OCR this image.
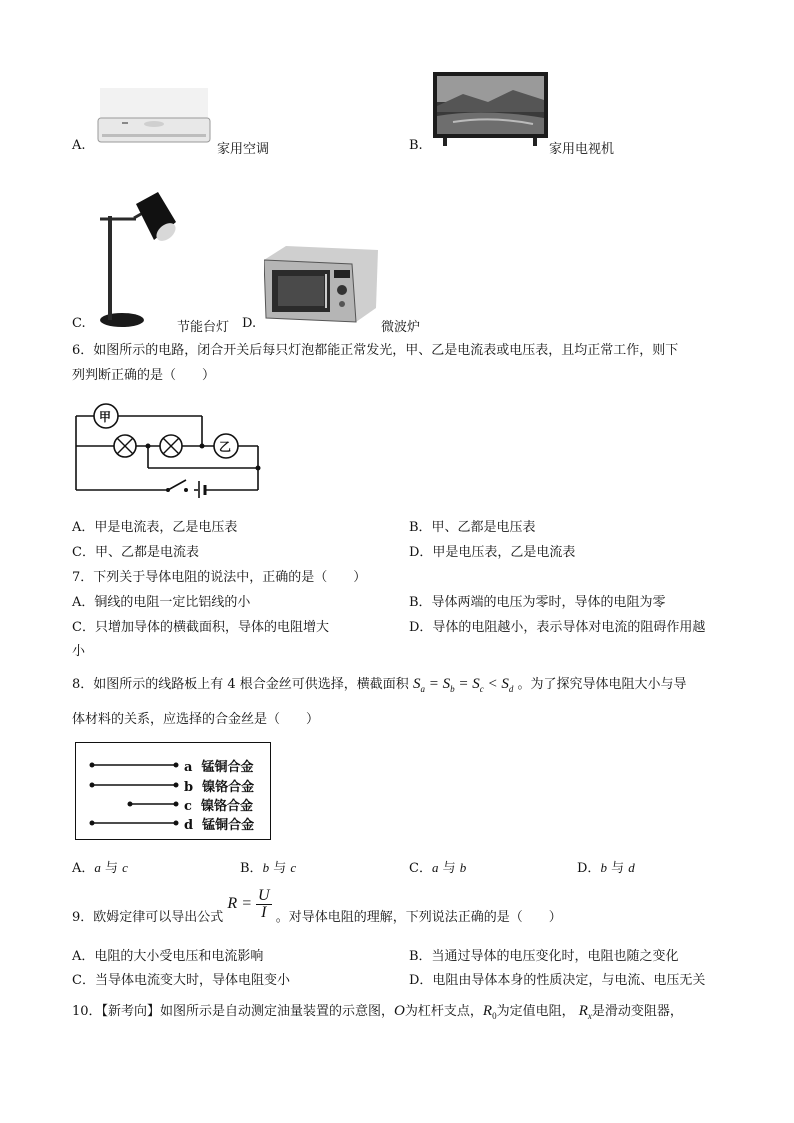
A.	家用空调	B.	家用电视机
C.	节能台灯 D.	微波炉
6．如图所示的电路，闭合开关后每只灯泡都能正常发光，甲、乙是电流表或电压表，且均正常工作，则下
列判断正确的是（　　）
甲
乙
A．甲是电流表，乙是电压表	B．甲、乙都是电压表
C．甲、乙都是电流表	D．甲是电压表，乙是电流表
7．下列关于导体电阻的说法中，正确的是（　　）
A．铜线的电阻一定比铝线的小	B．导体两端的电压为零时，导体的电阻为零
C．只增加导体的横截面积，导体的电阻增大	D．导体的电阻越小，表示导体对电流的阻碍作用越
小
8．如图所示的线路板上有 4 根合金丝可供选择，横截面积 $S_a = S_b = S_c < S_d$ 。为了探究导体电阻大小与导
体材料的关系，应选择的合金丝是（　　）
a 锰铜合金
b 镍铬合金
c 镍铬合金
d 锰铜合金
A．a 与 c	B．b 与 c	C．a 与 b	D．b 与 d
9．欧姆定律可以导出公式 $R = \frac{U}{I}$ 。对导体电阻的理解，下列说法正确的是（　　）
A．电阻的大小受电压和电流影响	B．当通过导体的电压变化时，电阻也随之变化
C．当导体电流变大时，导体电阻变小	D．电阻由导体本身的性质决定，与电流、电压无关
10．【新考向】如图所示是自动测定油量装置的示意图，O为杠杆支点，$R_0$为定值电阻， $R_x$是滑动变阻器，
